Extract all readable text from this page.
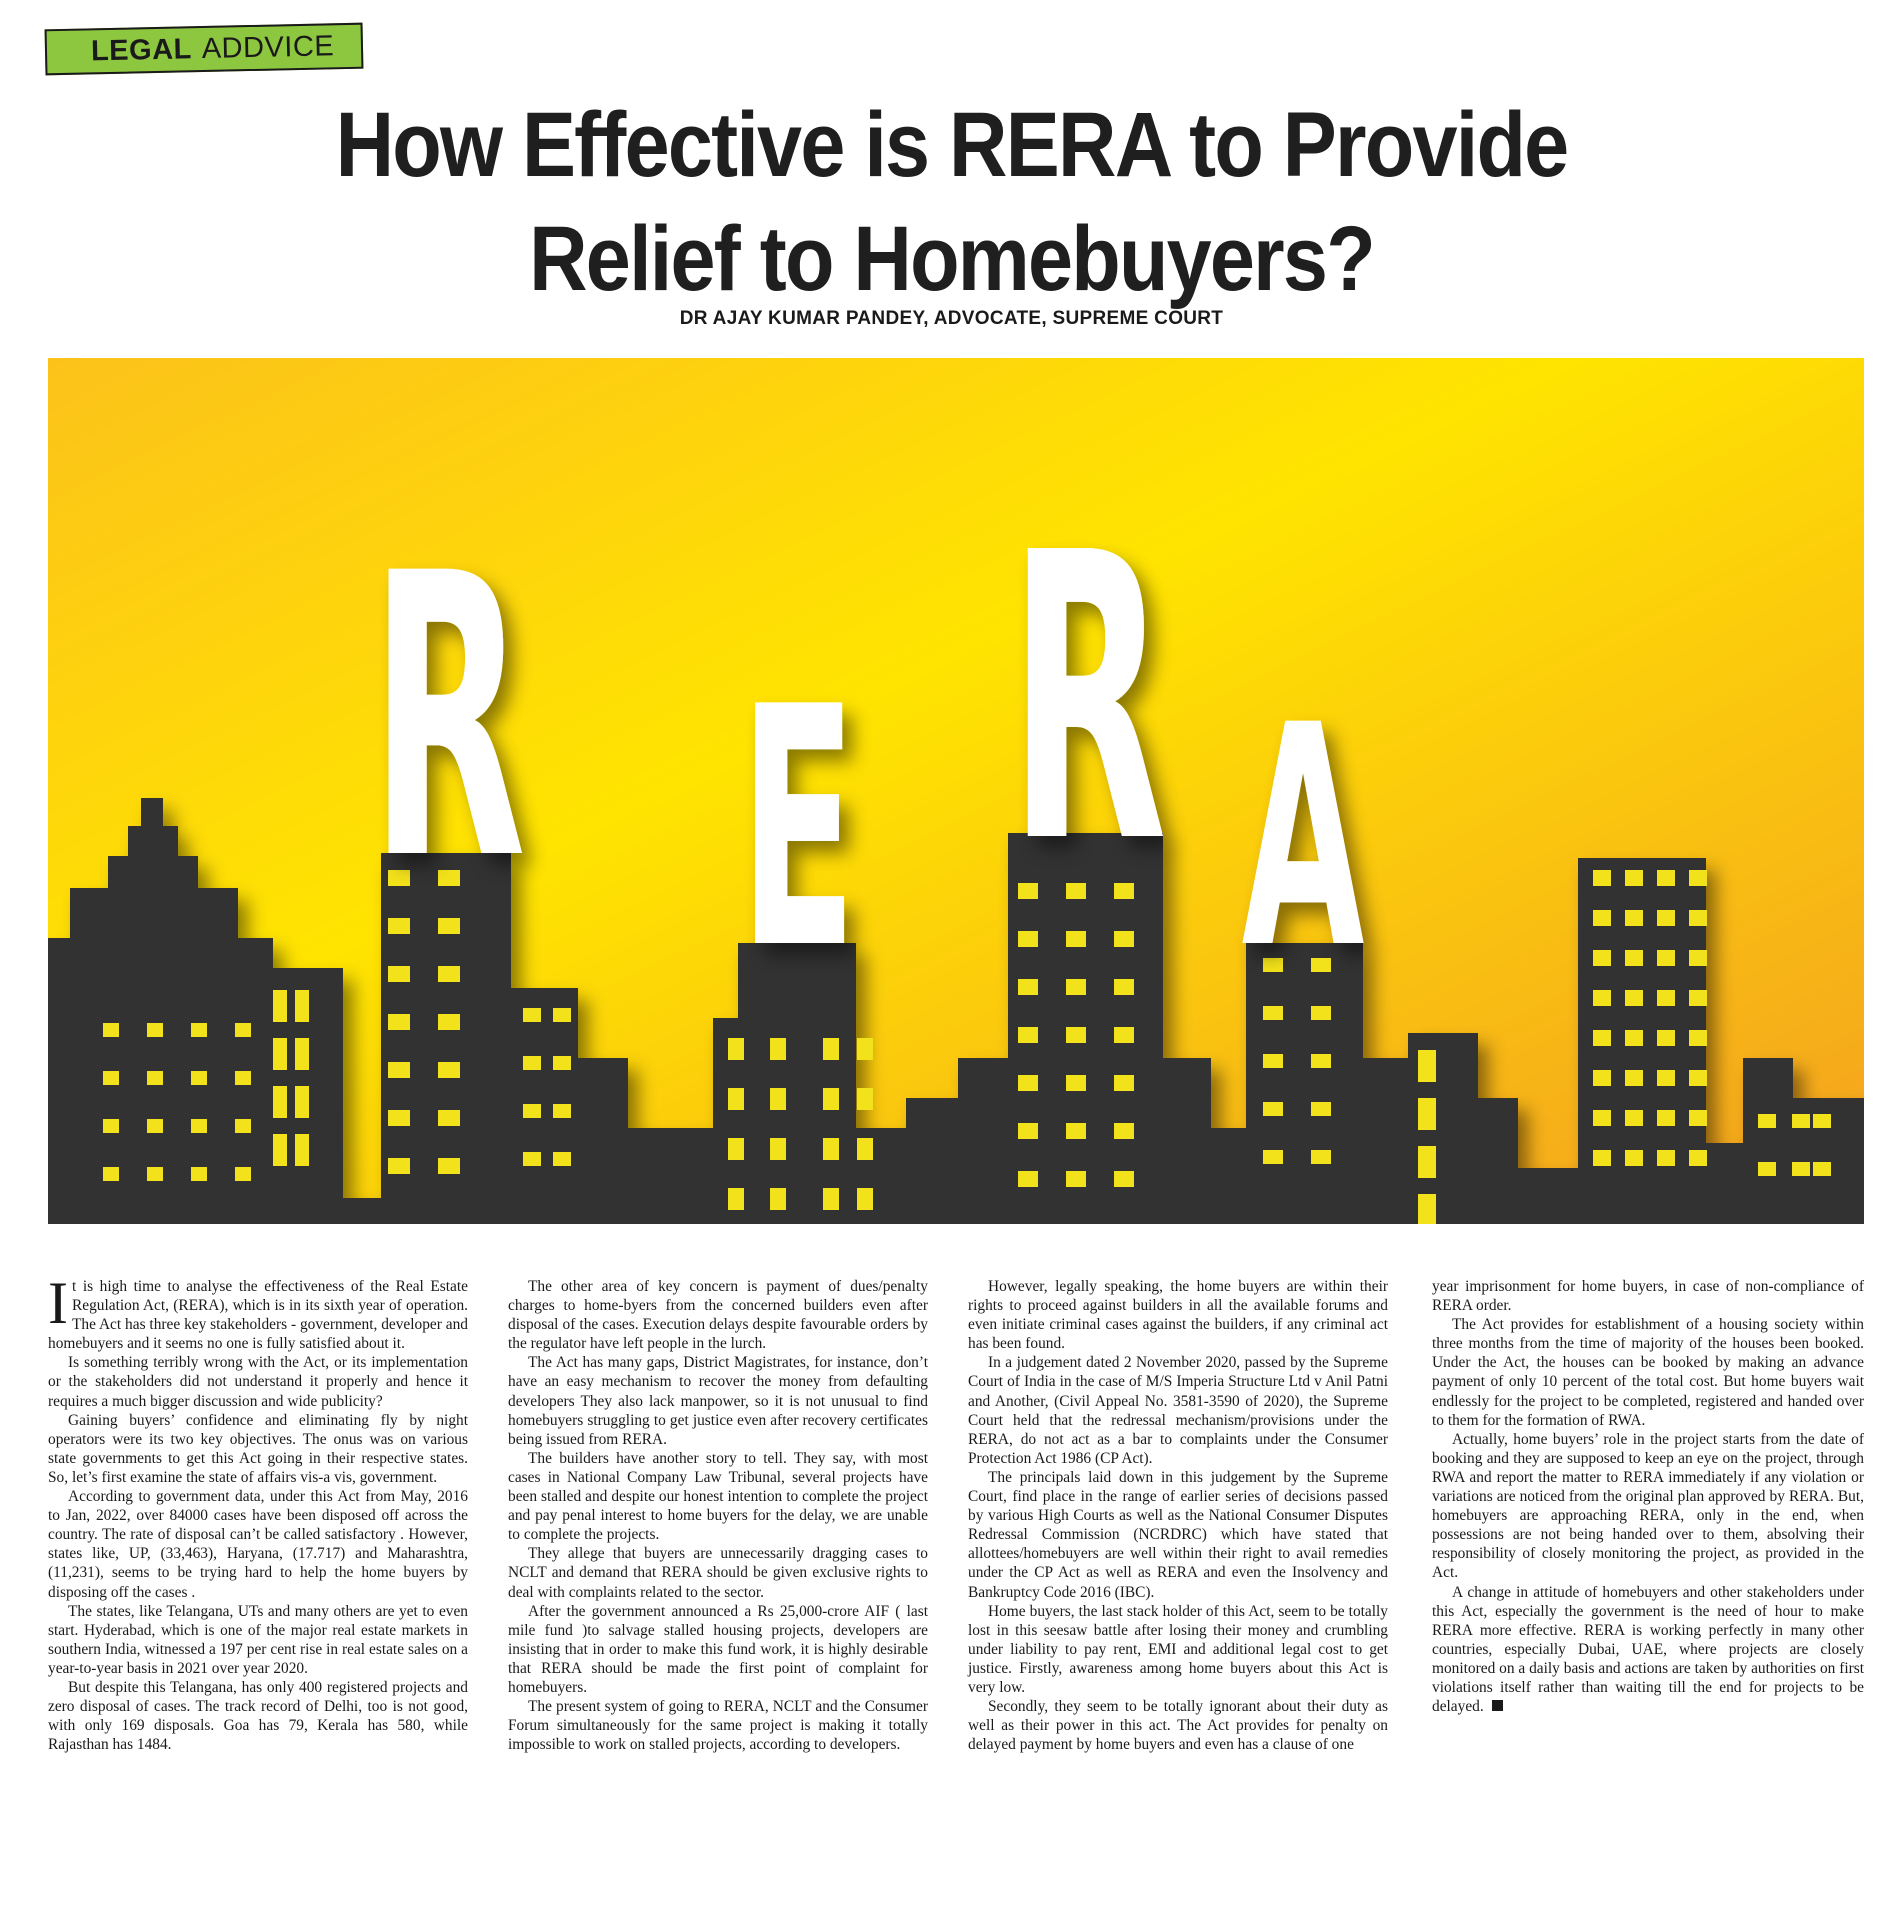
LEGAL ADDVICE
How Effective is RERA to Provide
Relief to Homebuyers?
DR AJAY KUMAR PANDEY, ADVOCATE, SUPREME COURT
R E R A

It is high time to analyse the effectiveness of the Real Estate Regulation Act, (RERA), which is in its sixth year of operation. The Act has three key stakeholders - government, developer and homebuyers and it seems no one is fully satisfied about it.

Is something terribly wrong with the Act, or its implementation or the stakeholders did not understand it properly and hence it requires a much bigger discussion and wide publicity?

Gaining buyers’ confidence and eliminating fly by night operators were its two key objectives. The onus was on various state governments to get this Act going in their respective states. So, let’s first examine the state of affairs vis-a vis, government.

According to government data, under this Act from May, 2016 to Jan, 2022, over 84000 cases have been disposed off across the country. The rate of disposal can’t be called satisfactory . However, states like, UP, (33,463), Haryana, (17.717) and Maharashtra, (11,231), seems to be trying hard to help the home buyers by disposing off the cases .

The states, like Telangana, UTs and many others are yet to even start. Hyderabad, which is one of the major real estate markets in southern India, witnessed a 197 per cent rise in real estate sales on a year-to-year basis in 2021 over year 2020.

But despite this Telangana, has only 400 registered projects and zero disposal of cases. The track record of Delhi, too is not good, with only 169 disposals. Goa has 79, Kerala has 580, while Rajasthan has 1484.

The other area of key concern is payment of dues/penalty charges to home-byers from the concerned builders even after disposal of the cases. Execution delays despite favourable orders by the regulator have left people in the lurch.

The Act has many gaps, District Magistrates, for instance, don’t have an easy mechanism to recover the money from defaulting developers They also lack manpower, so it is not unusual to find homebuyers struggling to get justice even after recovery certificates being issued from RERA.

The builders have another story to tell. They say, with most cases in National Company Law Tribunal, several projects have been stalled and despite our honest intention to complete the project and pay penal interest to home buyers for the delay, we are unable to complete the projects.

They allege that buyers are unnecessarily dragging cases to NCLT and demand that RERA should be given exclusive rights to deal with complaints related to the sector.

After the government announced a Rs 25,000-crore AIF ( last mile fund )to salvage stalled housing projects, developers are insisting that in order to make this fund work, it is highly desirable that RERA should be made the first point of complaint for homebuyers.

The present system of going to RERA, NCLT and the Consumer Forum simultaneously for the same project is making it totally impossible to work on stalled projects, according to developers.

However, legally speaking, the home buyers are within their rights to proceed against builders in all the available forums and even initiate criminal cases against the builders, if any criminal act has been found.

In a judgement dated 2 November 2020, passed by the Supreme Court of India in the case of M/S Imperia Structure Ltd v Anil Patni and Another, (Civil Appeal No. 3581-3590 of 2020), the Supreme Court held that the redressal mechanism/provisions under the RERA, do not act as a bar to complaints under the Consumer Protection Act 1986 (CP Act).

The principals laid down in this judgement by the Supreme Court, find place in the range of earlier series of decisions passed by various High Courts as well as the National Consumer Disputes Redressal Commission (NCRDRC) which have stated that allottees/homebuyers are well within their right to avail remedies under the CP Act as well as RERA and even the Insolvency and Bankruptcy Code 2016 (IBC).

Home buyers, the last stack holder of this Act, seem to be totally lost in this seesaw battle after losing their money and crumbling under liability to pay rent, EMI and additional legal cost to get justice. Firstly, awareness among home buyers about this Act is very low.

Secondly, they seem to be totally ignorant about their duty as well as their power in this act. The Act provides for penalty on delayed payment by home buyers and even has a clause of one

year imprisonment for home buyers, in case of non-compliance of RERA order.

The Act provides for establishment of a housing society within three months from the time of majority of the houses been booked. Under the Act, the houses can be booked by making an advance payment of only 10 percent of the total cost. But home buyers wait endlessly for the project to be completed, registered and handed over to them for the formation of RWA.

Actually, home buyers’ role in the project starts from the date of booking and they are supposed to keep an eye on the project, through RWA and report the matter to RERA immediately if any violation or variations are noticed from the original plan approved by RERA. But, homebuyers are approaching RERA, only in the end, when possessions are not being handed over to them, absolving their responsibility of closely monitoring the project, as provided in the Act.

A change in attitude of homebuyers and other stakeholders under this Act, especially the government is the need of hour to make RERA more effective. RERA is working perfectly in many other countries, especially Dubai, UAE, where projects are closely monitored on a daily basis and actions are taken by authorities on first violations itself rather than waiting till the end for projects to be delayed.
